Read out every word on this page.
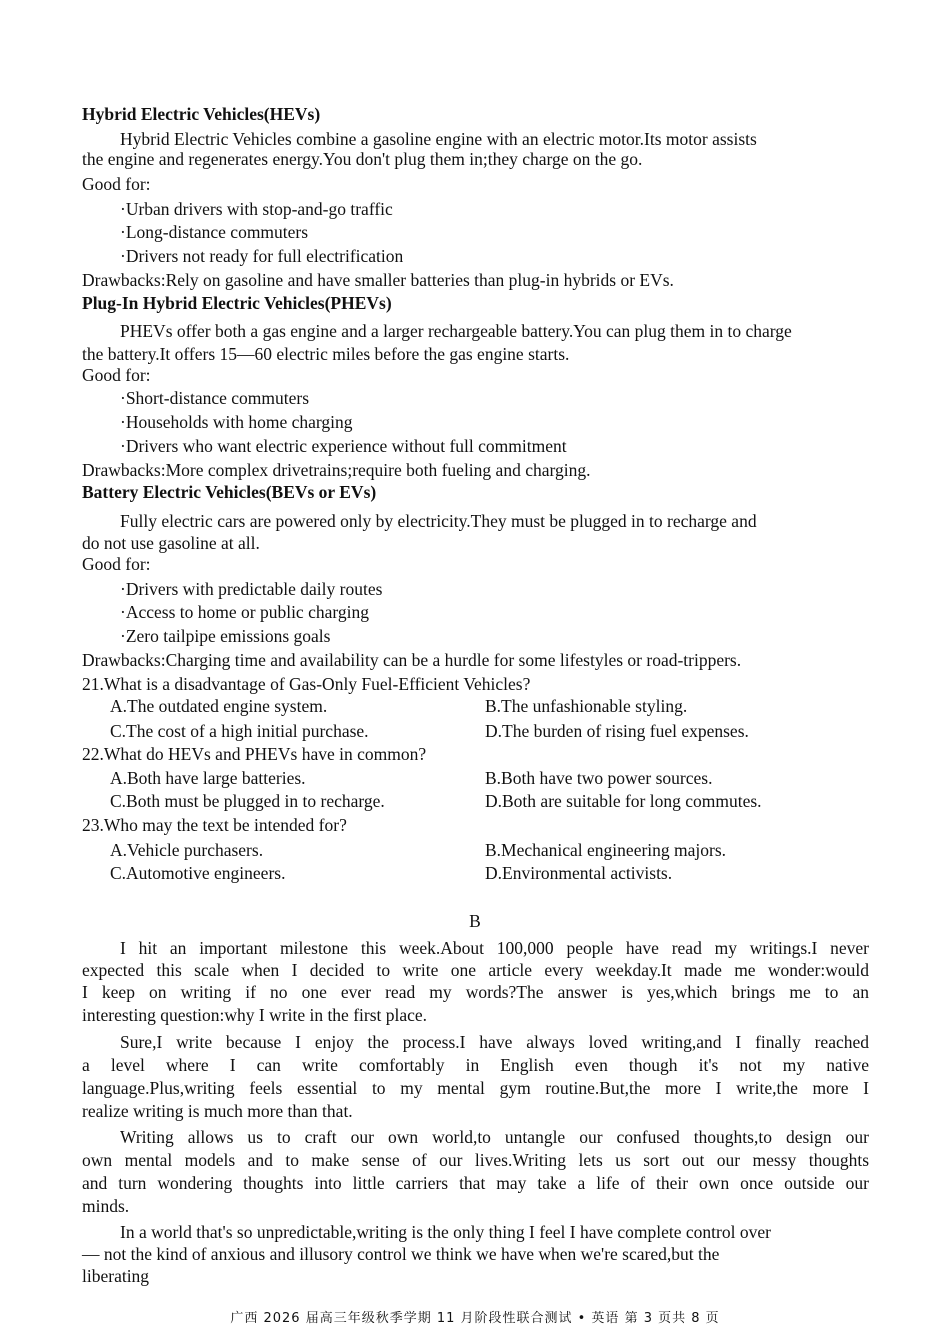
Hybrid Electric Vehicles(HEVs)
Hybrid Electric Vehicles combine a gasoline engine with an electric motor.Its motor assists
the engine and regenerates energy.You don't plug them in;they charge on the go.
Good for:
·Urban drivers with stop-and-go traffic
·Long-distance commuters
·Drivers not ready for full electrification
Drawbacks:Rely on gasoline and have smaller batteries than plug-in hybrids or EVs.
Plug-In Hybrid Electric Vehicles(PHEVs)
PHEVs offer both a gas engine and a larger rechargeable battery.You can plug them in to charge
the battery.It offers 15—60 electric miles before the gas engine starts.
Good for:
·Short-distance commuters
·Households with home charging
·Drivers who want electric experience without full commitment
Drawbacks:More complex drivetrains;require both fueling and charging.
Battery Electric Vehicles(BEVs or EVs)
Fully electric cars are powered only by electricity.They must be plugged in to recharge and
do not use gasoline at all.
Good for:
·Drivers with predictable daily routes
·Access to home or public charging
·Zero tailpipe emissions goals
Drawbacks:Charging time and availability can be a hurdle for some lifestyles or road-trippers.
21.What is a disadvantage of Gas-Only Fuel-Efficient Vehicles?
A.The outdated engine system.	B.The unfashionable styling.
C.The cost of a high initial purchase.	D.The burden of rising fuel expenses.
22.What do HEVs and PHEVs have in common?
A.Both have large batteries.	B.Both have two power sources.
C.Both must be plugged in to recharge.	D.Both are suitable for long commutes.
23.Who may the text be intended for?
A.Vehicle purchasers.	B.Mechanical engineering majors.
C.Automotive engineers.	D.Environmental activists.
B
I hit an important milestone this week.About 100,000 people have read my writings.I never
expected this scale when I decided to write one article every weekday.It made me wonder:would
I keep on writing if no one ever read my words?The answer is yes,which brings me to an
interesting question:why I write in the first place.
Sure,I write because I enjoy the process.I have always loved writing,and I finally reached
a level where I can write comfortably in English even though it's not my native
language.Plus,writing feels essential to my mental gym routine.But,the more I write,the more I
realize writing is much more than that.
Writing allows us to craft our own world,to untangle our confused thoughts,to design our
own mental models and to make sense of our lives.Writing lets us sort out our messy thoughts
and turn wondering thoughts into little carriers that may take a life of their own once outside our
minds.
In a world that's so unpredictable,writing is the only thing I feel I have complete control over
— not the kind of anxious and illusory control we think we have when we're scared,but the
liberating
广西 2026 届高三年级秋季学期 11 月阶段性联合测试 • 英语 第 3 页共 8 页
